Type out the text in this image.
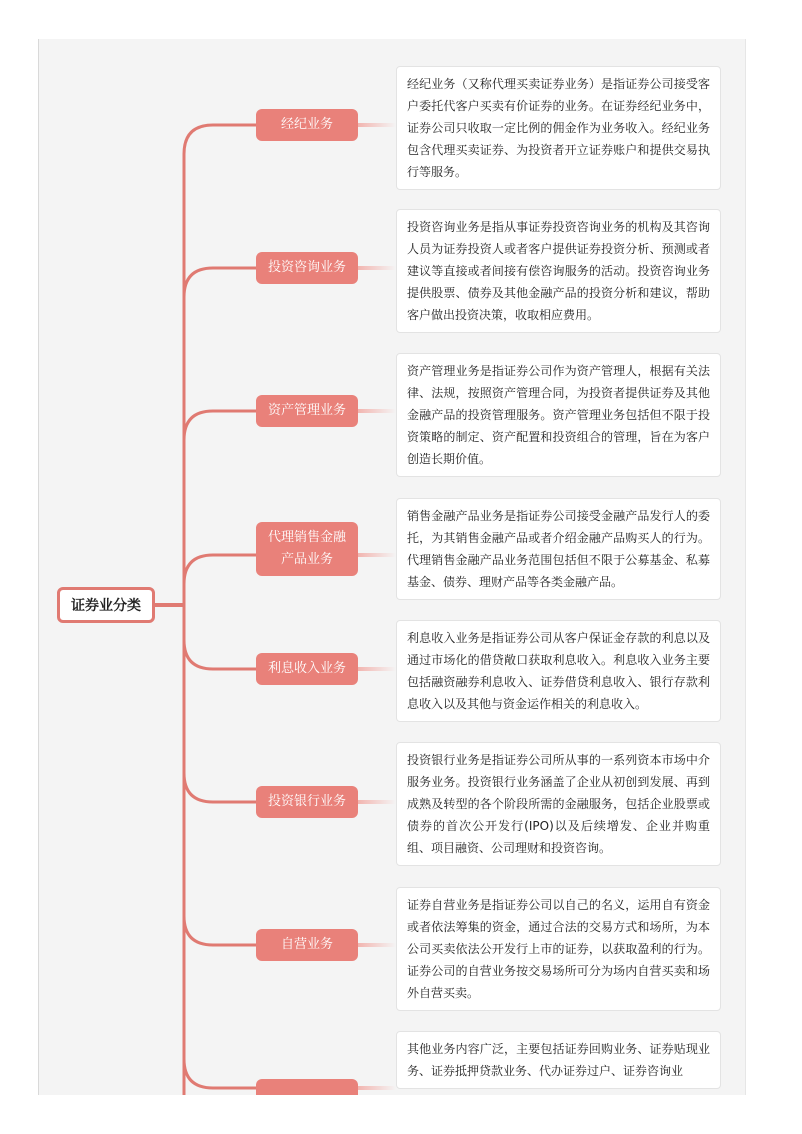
证券业分类
经纪业务
经纪业务（又称代理买卖证券业务）是指证券公司接受客户委托代客户买卖有价证券的业务。在证券经纪业务中，证券公司只收取一定比例的佣金作为业务收入。经纪业务包含代理买卖证券、为投资者开立证券账户和提供交易执行等服务。
投资咨询业务
投资咨询业务是指从事证券投资咨询业务的机构及其咨询人员为证券投资人或者客户提供证券投资分析、预测或者建议等直接或者间接有偿咨询服务的活动。投资咨询业务提供股票、债券及其他金融产品的投资分析和建议，帮助客户做出投资决策，收取相应费用。
资产管理业务
资产管理业务是指证券公司作为资产管理人，根据有关法律、法规，按照资产管理合同，为投资者提供证券及其他金融产品的投资管理服务。资产管理业务包括但不限于投资策略的制定、资产配置和投资组合的管理，旨在为客户创造长期价值。
代理销售金融产品业务
销售金融产品业务是指证券公司接受金融产品发行人的委托，为其销售金融产品或者介绍金融产品购买人的行为。代理销售金融产品业务范围包括但不限于公募基金、私募基金、债券、理财产品等各类金融产品。
利息收入业务
利息收入业务是指证券公司从客户保证金存款的利息以及通过市场化的借贷敞口获取利息收入。利息收入业务主要包括融资融券利息收入、证券借贷利息收入、银行存款利息收入以及其他与资金运作相关的利息收入。
投资银行业务
投资银行业务是指证券公司所从事的一系列资本市场中介服务业务。投资银行业务涵盖了企业从初创到发展、再到成熟及转型的各个阶段所需的金融服务，包括企业股票或债券的首次公开发行(IPO)以及后续增发、企业并购重组、项目融资、公司理财和投资咨询。
自营业务
证券自营业务是指证券公司以自己的名义，运用自有资金或者依法筹集的资金，通过合法的交易方式和场所，为本公司买卖依法公开发行上市的证券，以获取盈利的行为。证券公司的自营业务按交易场所可分为场内自营买卖和场外自营买卖。
其他业务内容广泛，主要包括证券回购业务、证券贴现业务、证券抵押贷款业务、代办证券过户、证券咨询业
